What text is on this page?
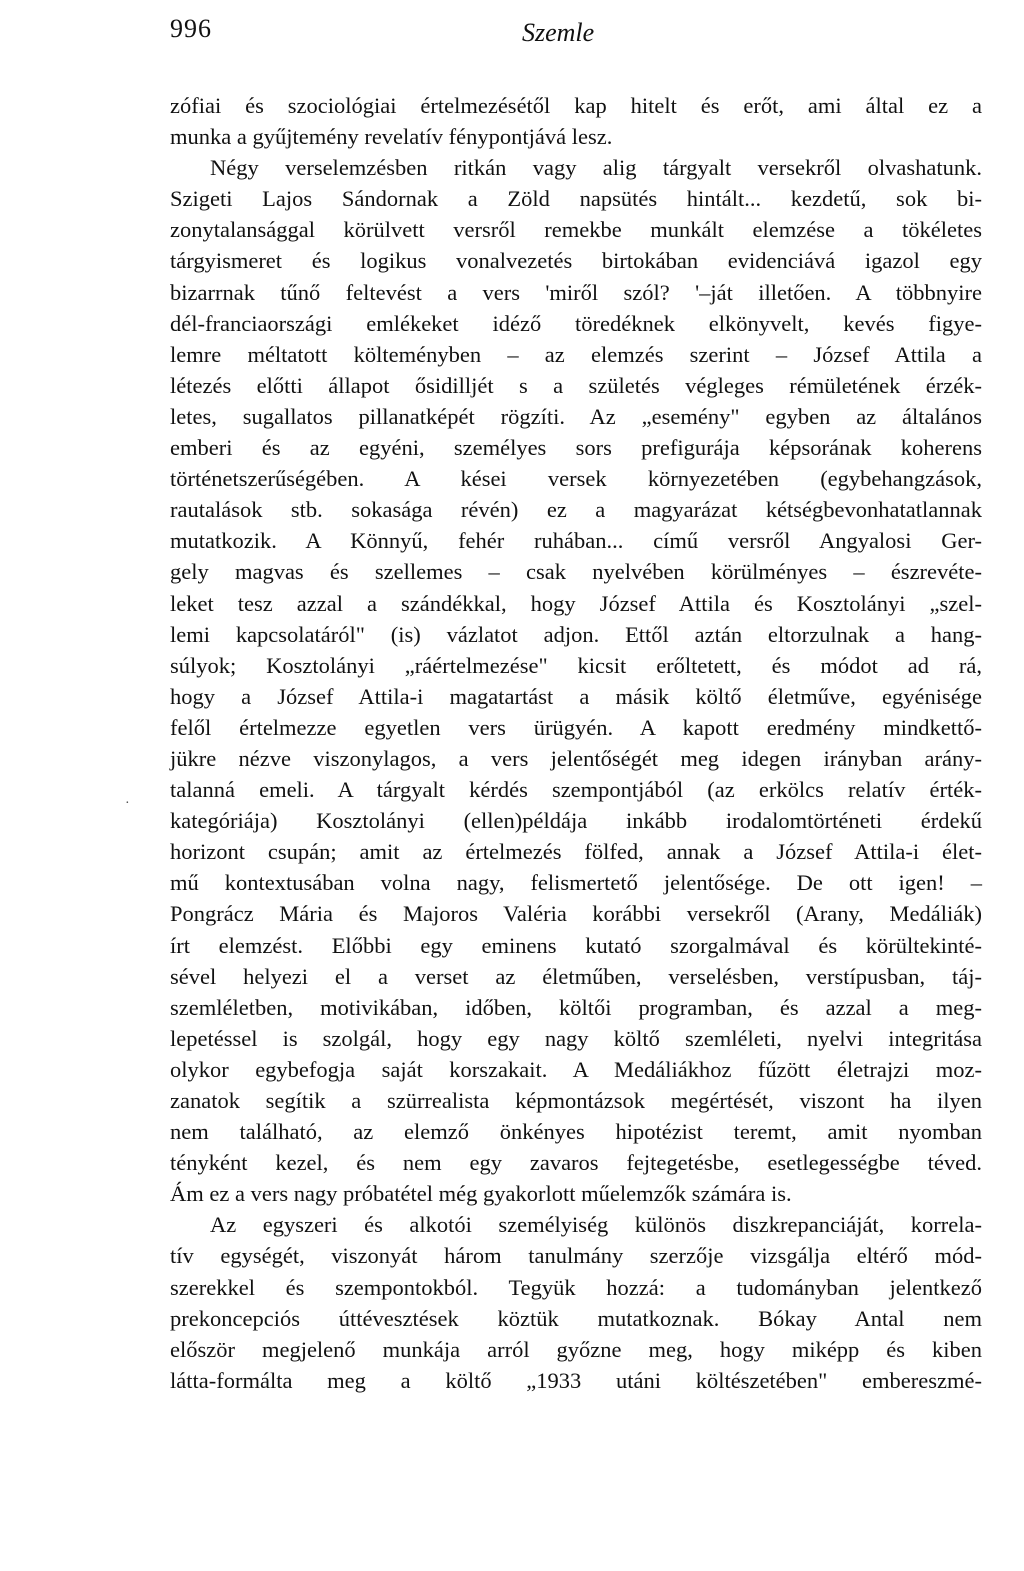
996	Szemle
·
zófiai és szociológiai értelmezésétől kap hitelt és erőt, ami által ez a
munka a gyűjtemény revelatív fénypontjává lesz.
Négy verselemzésben ritkán vagy alig tárgyalt versekről olvashatunk.
Szigeti Lajos Sándornak a Zöld napsütés hintált... kezdetű, sok bi-
zonytalansággal körülvett versről remekbe munkált elemzése a tökéletes
tárgyismeret és logikus vonalvezetés birtokában evidenciává igazol egy
bizarrnak tűnő feltevést a vers 'miről szól? '–ját illetően. A többnyire
dél-franciaországi emlékeket idéző töredéknek elkönyvelt, kevés figye-
lemre méltatott költeményben – az elemzés szerint – József Attila a
létezés előtti állapot ősidilljét s a születés végleges rémületének érzék-
letes, sugallatos pillanatképét rögzíti. Az „esemény" egyben az általános
emberi és az egyéni, személyes sors prefigurája képsorának koherens
történetszerűségében. A kései versek környezetében (egybehangzások,
rautalások stb. sokasága révén) ez a magyarázat kétségbevonhatatlannak
mutatkozik. A Könnyű, fehér ruhában... című versről Angyalosi Ger-
gely magvas és szellemes – csak nyelvében körülményes – észrevéte-
leket tesz azzal a szándékkal, hogy József Attila és Kosztolányi „szel-
lemi kapcsolatáról" (is) vázlatot adjon. Ettől aztán eltorzulnak a hang-
súlyok; Kosztolányi „ráértelmezése" kicsit erőltetett, és módot ad rá,
hogy a József Attila-i magatartást a másik költő életműve, egyénisége
felől értelmezze egyetlen vers ürügyén. A kapott eredmény mindkettő-
jükre nézve viszonylagos, a vers jelentőségét meg idegen irányban arány-
talanná emeli. A tárgyalt kérdés szempontjából (az erkölcs relatív érték-
kategóriája) Kosztolányi (ellen)példája inkább irodalomtörténeti érdekű
horizont csupán; amit az értelmezés fölfed, annak a József Attila-i élet-
mű kontextusában volna nagy, felismertető jelentősége. De ott igen! –
Pongrácz Mária és Majoros Valéria korábbi versekről (Arany, Medáliák)
írt elemzést. Előbbi egy eminens kutató szorgalmával és körültekinté-
sével helyezi el a verset az életműben, verselésben, verstípusban, táj-
szemléletben, motivikában, időben, költői programban, és azzal a meg-
lepetéssel is szolgál, hogy egy nagy költő szemléleti, nyelvi integritása
olykor egybefogja saját korszakait. A Medáliákhoz fűzött életrajzi moz-
zanatok segítik a szürrealista képmontázsok megértését, viszont ha ilyen
nem található, az elemző önkényes hipotézist teremt, amit nyomban
tényként kezel, és nem egy zavaros fejtegetésbe, esetlegességbe téved.
Ám ez a vers nagy próbatétel még gyakorlott műelemzők számára is.
Az egyszeri és alkotói személyiség különös diszkrepanciáját, korrela-
tív egységét, viszonyát három tanulmány szerzője vizsgálja eltérő mód-
szerekkel és szempontokból. Tegyük hozzá: a tudományban jelentkező
prekoncepciós úttévesztések köztük mutatkoznak. Bókay Antal nem
először megjelenő munkája arról győzne meg, hogy miképp és kiben
látta-formálta meg a költő „1933 utáni költészetében" embereszmé-
